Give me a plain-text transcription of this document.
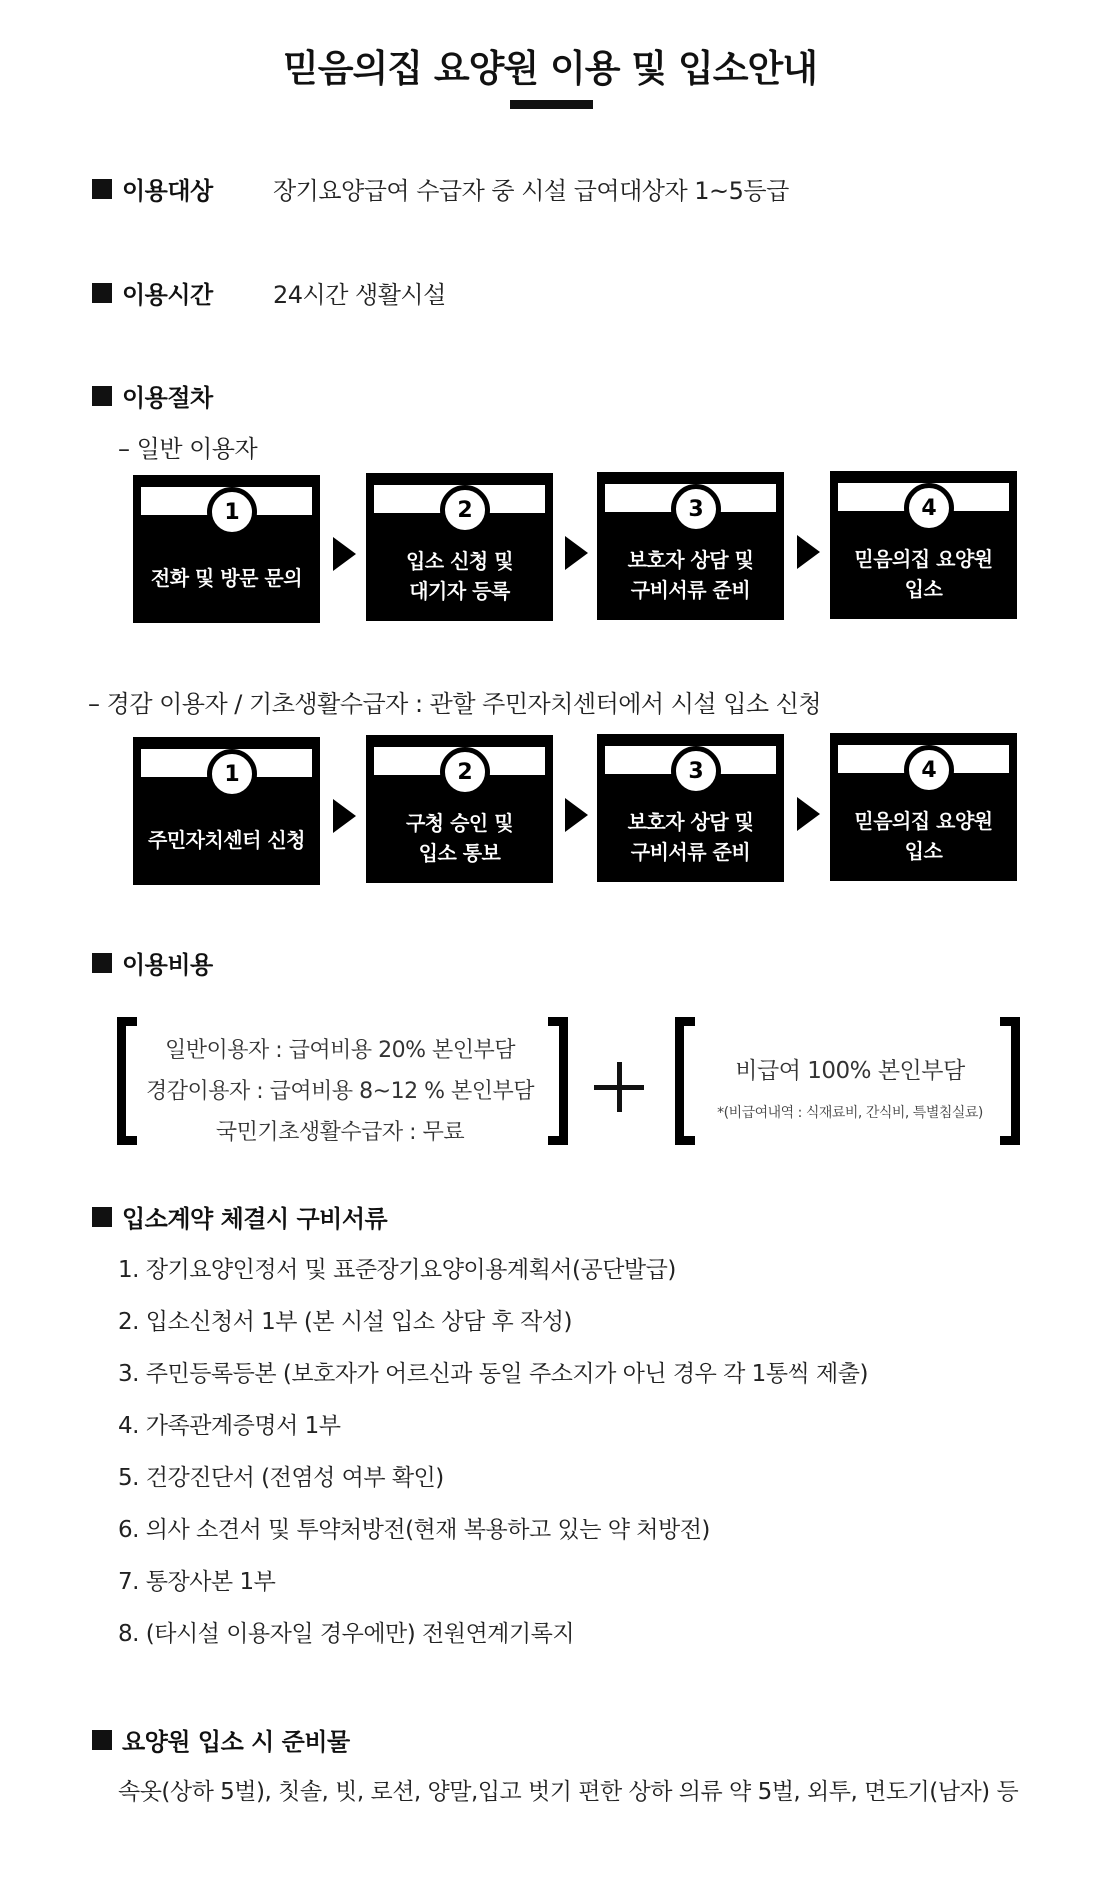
믿음의집 요양원 이용 및 입소안내
이용대상	장기요양급여 수급자 중 시설 급여대상자 1~5등급
이용시간	24시간 생활시설
이용절차
– 일반 이용자
1
전화 및 방문 문의
2
입소 신청 및
대기자 등록
3
보호자 상담 및
구비서류 준비
4
믿음의집 요양원
입소
– 경감 이용자 / 기초생활수급자 : 관할 주민자치센터에서 시설 입소 신청
1
주민자치센터 신청
2
구청 승인 및
입소 통보
3
보호자 상담 및
구비서류 준비
4
믿음의집 요양원
입소
이용비용
일반이용자 : 급여비용 20% 본인부담
경감이용자 : 급여비용 8~12 % 본인부담
국민기초생활수급자 : 무료
비급여 100% 본인부담
*(비급여내역 : 식재료비, 간식비, 특별침실료)
입소계약 체결시 구비서류
1. 장기요양인정서 및 표준장기요양이용계획서(공단발급)
2. 입소신청서 1부 (본 시설 입소 상담 후 작성)
3. 주민등록등본 (보호자가 어르신과 동일 주소지가 아닌 경우 각 1통씩 제출)
4. 가족관계증명서 1부
5. 건강진단서 (전염성 여부 확인)
6. 의사 소견서 및 투약처방전(현재 복용하고 있는 약 처방전)
7. 통장사본 1부
8. (타시설 이용자일 경우에만) 전원연계기록지
요양원 입소 시 준비물
속옷(상하 5벌), 칫솔, 빗, 로션, 양말,입고 벗기 편한 상하 의류 약 5벌, 외투, 면도기(남자) 등
